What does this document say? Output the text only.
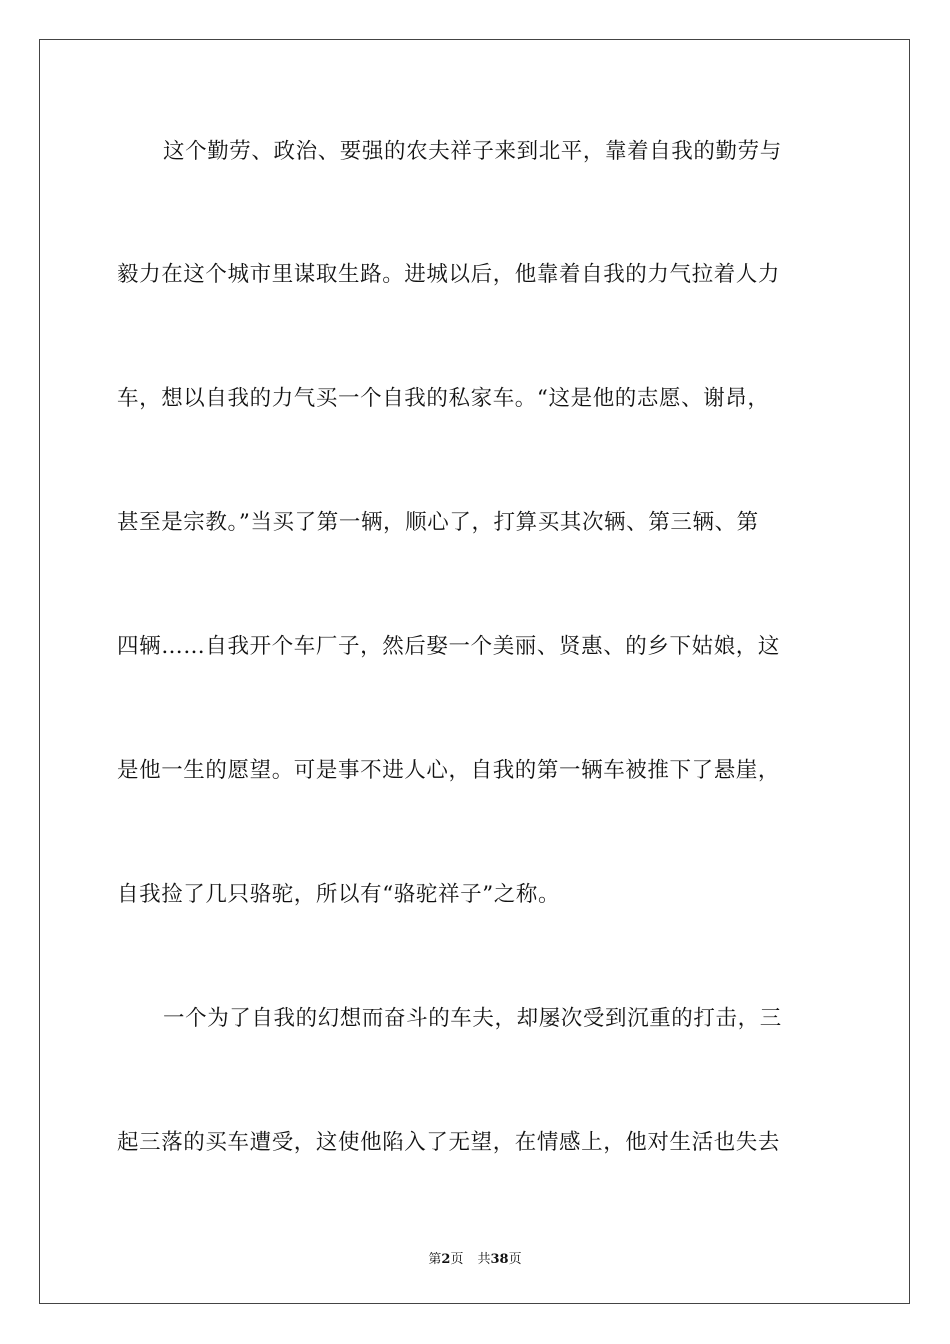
这个勤劳、政治、要强的农夫祥子来到北平，靠着自我的勤劳与
毅力在这个城市里谋取生路。进城以后，他靠着自我的力气拉着人力
车，想以自我的力气买一个自我的私家车。“这是他的志愿、谢昂，
甚至是宗教。”当买了第一辆，顺心了，打算买其次辆、第三辆、第
四辆……自我开个车厂子，然后娶一个美丽、贤惠、的乡下姑娘，这
是他一生的愿望。可是事不进人心，自我的第一辆车被推下了悬崖，
自我捡了几只骆驼，所以有“骆驼祥子”之称。
一个为了自我的幻想而奋斗的车夫，却屡次受到沉重的打击，三
起三落的买车遭受，这使他陷入了无望，在情感上，他对生活也失去
第2页 共38页
